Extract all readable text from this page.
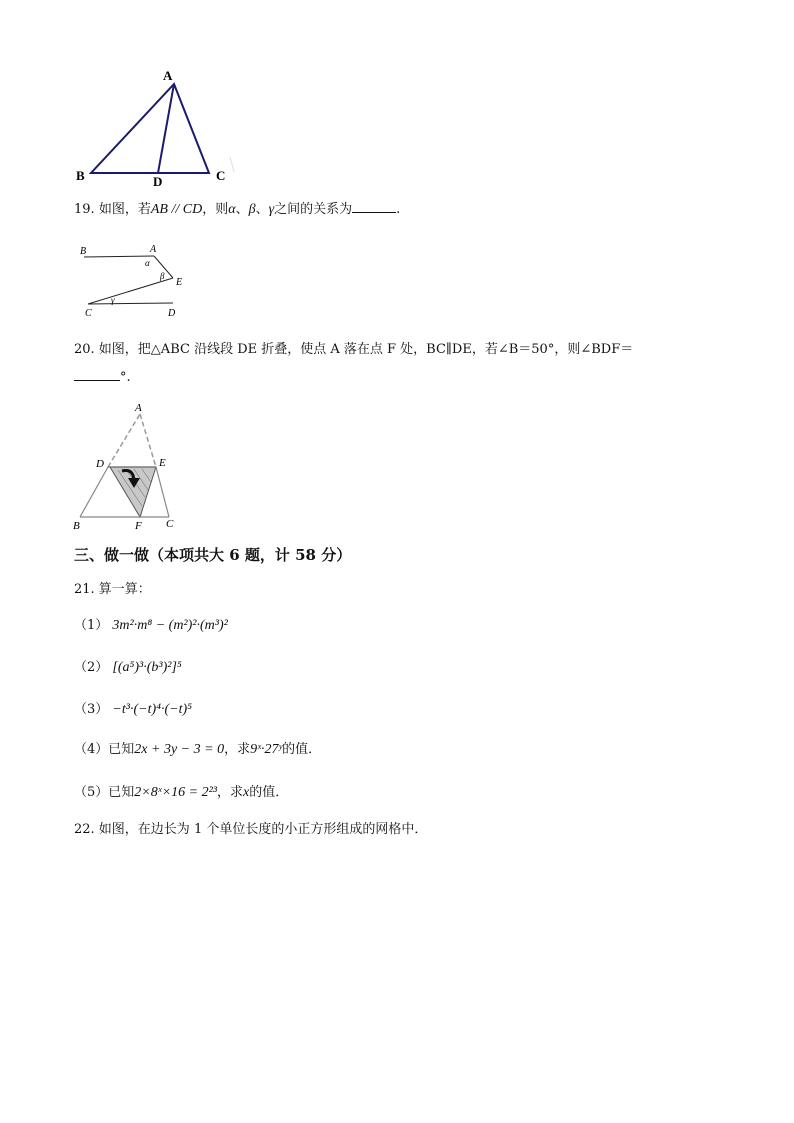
A
B	D	C
19. 如图，若AB // CD，则α、β、γ之间的关系为	.
B	A
α
β
E
γ
C	D
20. 如图，把△ABC 沿线段 DE 折叠，使点 A 落在点 F 处，BC∥DE，若∠B＝50°，则∠BDF＝
°.
A
D	E
B	F C
三、做一做（本项共大 6 题，计 58 分）
21. 算一算：
（1） 3m²·m⁸ − (m²)²·(m³)²
（2） [(a⁵)³·(b³)²]⁵
（3） −t³·(−t)⁴·(−t)⁵
（4）已知2x + 3y − 3 = 0，求9ˣ·27ʸ的值．
（5）已知2×8ˣ×16 = 2²³，求x的值．
22. 如图，在边长为 1 个单位长度的小正方形组成的网格中．
